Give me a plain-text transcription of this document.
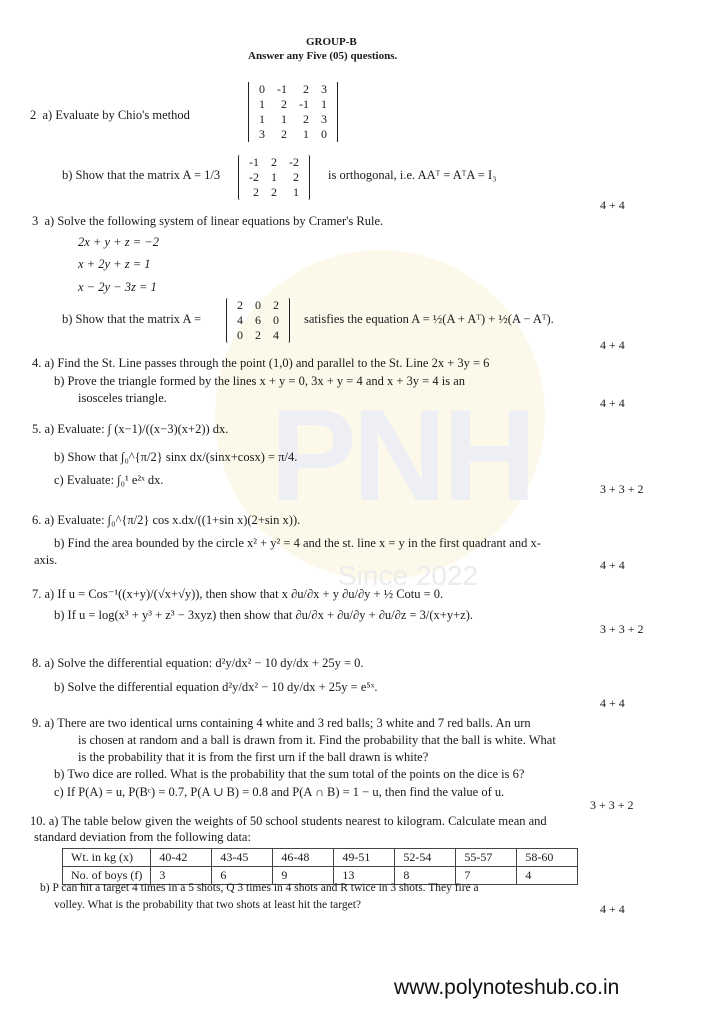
PNH
Since 2022
GROUP-B
Answer any Five (05) questions.
2 a) Evaluate by Chio's method
0	-1	2	3
1	2	-1	1
1	1	2	3
3	2	1	0
b) Show that the matrix A = 1/3
-1	2	-2
-2	1	2
2	2	1
is orthogonal, i.e. AAᵀ = AᵀA = I₃
4 + 4
3 a) Solve the following system of linear equations by Cramer's Rule.
2x + y + z = −2
x + 2y + z = 1
x − 2y − 3z = 1
b) Show that the matrix A =
2	0	2
4	6	0
0	2	4
satisfies the equation A = ½(A + Aᵀ) + ½(A − Aᵀ).
4 + 4
4. a) Find the St. Line passes through the point (1,0) and parallel to the St. Line 2x + 3y = 6
b) Prove the triangle formed by the lines x + y = 0, 3x + y = 4 and x + 3y = 4 is an
isosceles triangle.	4 + 4
5. a) Evaluate: ∫ (x−1)/((x−3)(x+2)) dx.
b) Show that ∫₀^{π/2} sinx dx/(sinx+cosx) = π/4.
c) Evaluate: ∫₀¹ e²ˣ dx.
3 + 3 + 2
6. a) Evaluate: ∫₀^{π/2} cos x.dx/((1+sin x)(2+sin x)).
b) Find the area bounded by the circle x² + y² = 4 and the st. line x = y in the first quadrant and x-
axis.	4 + 4
7. a) If u = Cos⁻¹((x+y)/(√x+√y)), then show that x ∂u/∂x + y ∂u/∂y + ½ Cotu = 0.
b) If u = log(x³ + y³ + z³ − 3xyz) then show that ∂u/∂x + ∂u/∂y + ∂u/∂z = 3/(x+y+z).
3 + 3 + 2
8. a) Solve the differential equation: d²y/dx² − 10 dy/dx + 25y = 0.
b) Solve the differential equation d²y/dx² − 10 dy/dx + 25y = e⁵ˣ.
4 + 4
9. a) There are two identical urns containing 4 white and 3 red balls; 3 white and 7 red balls. An urn
is chosen at random and a ball is drawn from it. Find the probability that the ball is white. What
is the probability that it is from the first urn if the ball drawn is white?
b) Two dice are rolled. What is the probability that the sum total of the points on the dice is 6?
c) If P(A) = u, P(Bᶜ) = 0.7, P(A ∪ B) = 0.8 and P(A ∩ B) = 1 − u, then find the value of u.
3 + 3 + 2
10. a) The table below given the weights of 50 school students nearest to kilogram. Calculate mean and
standard deviation from the following data:
Wt. in kg (x)	40-42	43-45	46-48	49-51	52-54	55-57	58-60
No. of boys (f)	3	6	9	13	8	7	4
b) P can hit a target 4 times in a 5 shots, Q 3 times in 4 shots and R twice in 3 shots. They fire a
volley. What is the probability that two shots at least hit the target?	4 + 4
www.polynoteshub.co.in
